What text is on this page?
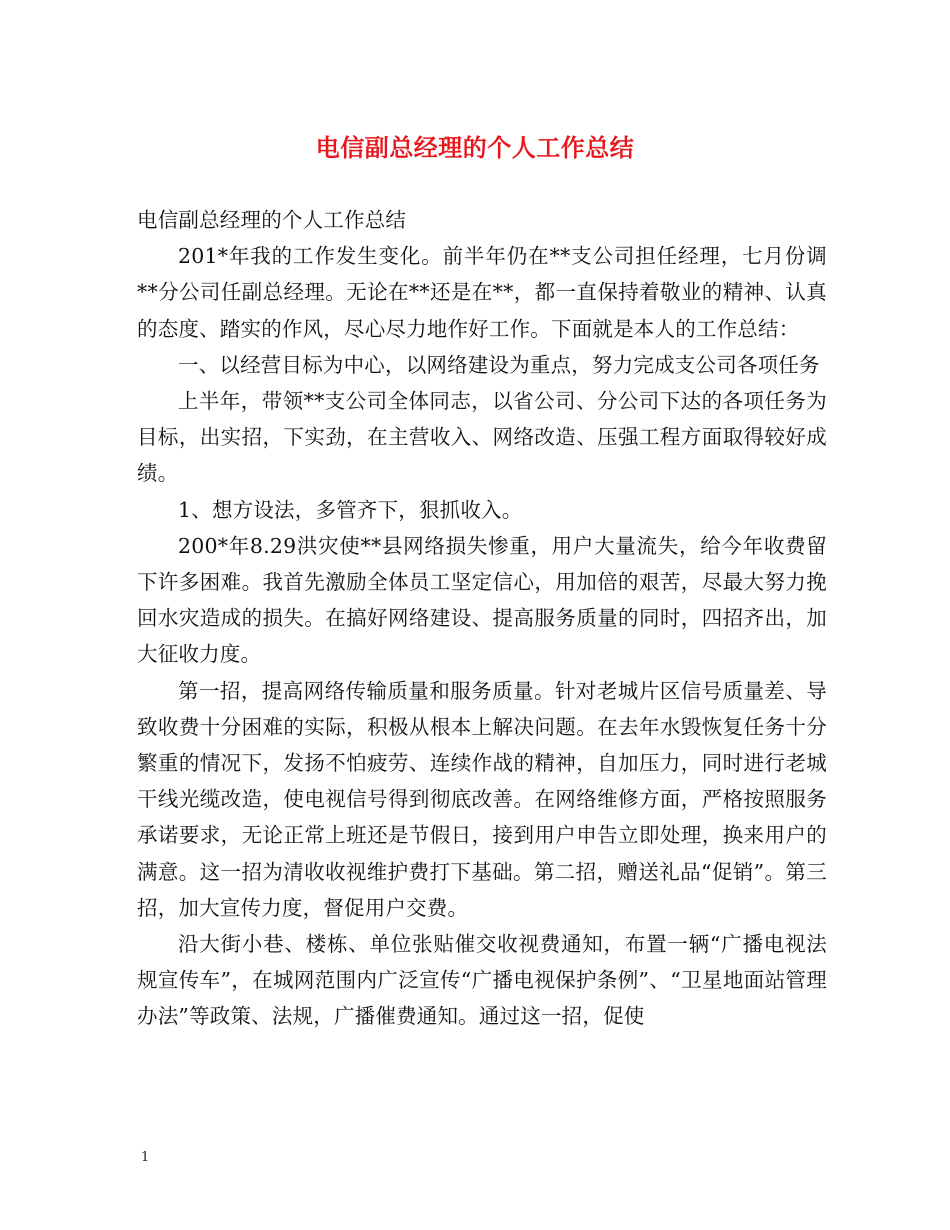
电信副总经理的个人工作总结

电信副总经理的个人工作总结

201*年我的工作发生变化。前半年仍在**支公司担任经理，七月份调**分公司任副总经理。无论在**还是在**，都一直保持着敬业的精神、认真的态度、踏实的作风，尽心尽力地作好工作。下面就是本人的工作总结：

一、以经营目标为中心，以网络建设为重点，努力完成支公司各项任务

上半年，带领**支公司全体同志，以省公司、分公司下达的各项任务为目标，出实招，下实劲，在主营收入、网络改造、压强工程方面取得较好成绩。

1、想方设法，多管齐下，狠抓收入。

200*年8.29洪灾使**县网络损失惨重，用户大量流失，给今年收费留下许多困难。我首先激励全体员工坚定信心，用加倍的艰苦，尽最大努力挽回水灾造成的损失。在搞好网络建设、提高服务质量的同时，四招齐出，加大征收力度。

第一招，提高网络传输质量和服务质量。针对老城片区信号质量差、导致收费十分困难的实际，积极从根本上解决问题。在去年水毁恢复任务十分繁重的情况下，发扬不怕疲劳、连续作战的精神，自加压力，同时进行老城干线光缆改造，使电视信号得到彻底改善。在网络维修方面，严格按照服务承诺要求，无论正常上班还是节假日，接到用户申告立即处理，换来用户的满意。这一招为清收收视维护费打下基础。第二招，赠送礼品“促销”。第三招，加大宣传力度，督促用户交费。

沿大街小巷、楼栋、单位张贴催交收视费通知，布置一辆“广播电视法规宣传车”，在城网范围内广泛宣传“广播电视保护条例”、“卫星地面站管理办法”等政策、法规，广播催费通知。通过这一招，促使

1
